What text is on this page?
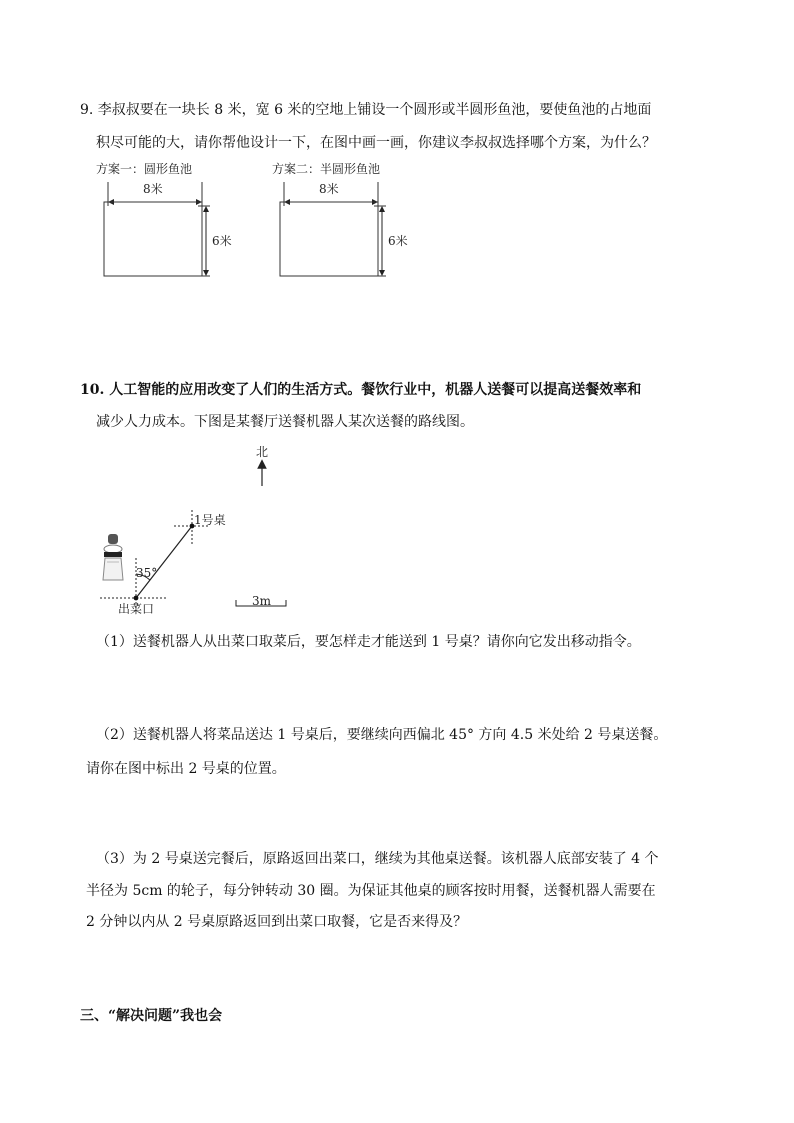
9. 李叔叔要在一块长 8 米，宽 6 米的空地上铺设一个圆形或半圆形鱼池，要使鱼池的占地面
积尽可能的大，请你帮他设计一下，在图中画一画，你建议李叔叔选择哪个方案，为什么？
方案一：圆形鱼池	方案二：半圆形鱼池
8米
6米
8米
6米
10. 人工智能的应用改变了人们的生活方式。餐饮行业中，机器人送餐可以提高送餐效率和
减少人力成本。下图是某餐厅送餐机器人某次送餐的路线图。
北
1号桌
35°
出菜口
3m
（1）送餐机器人从出菜口取菜后，要怎样走才能送到 1 号桌？请你向它发出移动指令。
（2）送餐机器人将菜品送达 1 号桌后，要继续向西偏北 45° 方向 4.5 米处给 2 号桌送餐。
请你在图中标出 2 号桌的位置。
（3）为 2 号桌送完餐后，原路返回出菜口，继续为其他桌送餐。该机器人底部安装了 4 个
半径为 5cm 的轮子，每分钟转动 30 圈。为保证其他桌的顾客按时用餐，送餐机器人需要在
2 分钟以内从 2 号桌原路返回到出菜口取餐，它是否来得及？
三、“解决问题”我也会
